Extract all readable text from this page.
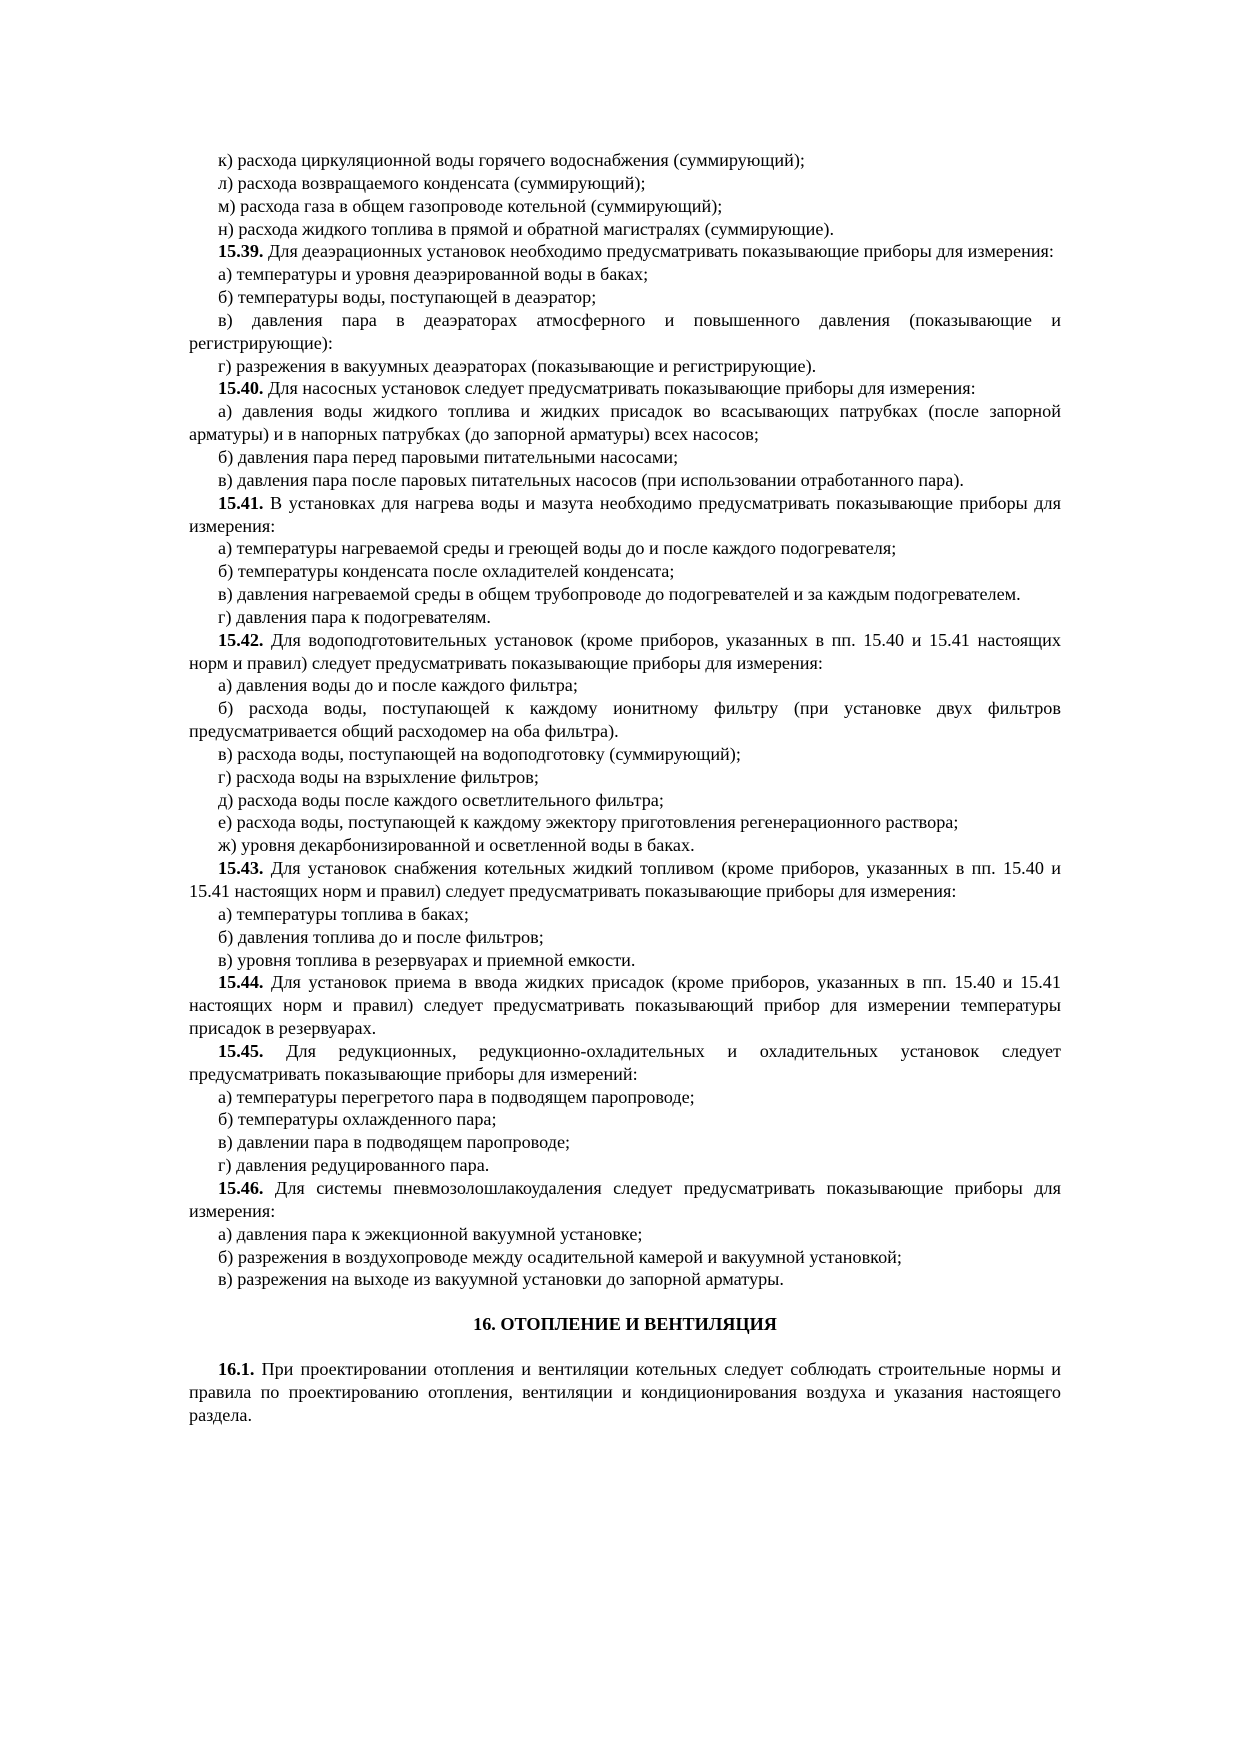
к) расхода циркуляционной воды горячего водоснабжения (суммирующий);

л) расхода возвращаемого конденсата (суммирующий);

м) расхода газа в общем газопроводе котельной (суммирующий);

н) расхода жидкого топлива в прямой и обратной магистралях (суммирующие).

15.39. Для деаэрационных установок необходимо предусматривать показывающие приборы для измерения:

а) температуры и уровня деаэрированной воды в баках;

б) температуры воды, поступающей в деаэратор;

в) давления пара в деаэраторах атмосферного и повышенного давления (показывающие и регистрирующие):

г) разрежения в вакуумных деаэраторах (показывающие и регистрирующие).

15.40. Для насосных установок следует предусматривать показывающие приборы для измерения:

а) давления воды жидкого топлива и жидких присадок во всасывающих патрубках (после запорной арматуры) и в напорных патрубках (до запорной арматуры) всех насосов;

б) давления пара перед паровыми питательными насосами;

в) давления пара после паровых питательных насосов (при использовании отработанного пара).

15.41. В установках для нагрева воды и мазута необходимо предусматривать показывающие приборы для измерения:

а) температуры нагреваемой среды и греющей воды до и после каждого подогревателя;

б) температуры конденсата после охладителей конденсата;

в) давления нагреваемой среды в общем трубопроводе до подогревателей и за каждым подогревателем.

г) давления пара к подогревателям.

15.42. Для водоподготовительных установок (кроме приборов, указанных в пп. 15.40 и 15.41 настоящих норм и правил) следует предусматривать показывающие приборы для измерения:

а) давления воды до и после каждого фильтра;

б) расхода воды, поступающей к каждому ионитному фильтру (при установке двух фильтров предусматривается общий расходомер на оба фильтра).

в) расхода воды, поступающей на водоподготовку (суммирующий);

г) расхода воды на взрыхление фильтров;

д) расхода воды после каждого осветлительного фильтра;

е) расхода воды, поступающей к каждому эжектору приготовления регенерационного раствора;

ж) уровня декарбонизированной и осветленной воды в баках.

15.43. Для установок снабжения котельных жидкий топливом (кроме приборов, указанных в пп. 15.40 и 15.41 настоящих норм и правил) следует предусматривать показывающие приборы для измерения:

а) температуры топлива в баках;

б) давления топлива до и после фильтров;

в) уровня топлива в резервуарах и приемной емкости.

15.44. Для установок приема в ввода жидких присадок (кроме приборов, указанных в пп. 15.40 и 15.41 настоящих норм и правил) следует предусматривать показывающий прибор для измерении температуры присадок в резервуарах.

15.45. Для редукционных, редукционно-охладительных и охладительных установок следует предусматривать показывающие приборы для измерений:

а) температуры перегретого пара в подводящем паропроводе;

б) температуры охлажденного пара;

в) давлении пара в подводящем паропроводе;

г) давления редуцированного пара.

15.46. Для системы пневмозолошлакоудаления следует предусматривать показывающие приборы для измерения:

а) давления пара к эжекционной вакуумной установке;

б) разрежения в воздухопроводе между осадительной камерой и вакуумной установкой;

в) разрежения на выходе из вакуумной установки до запорной арматуры.

16. ОТОПЛЕНИЕ И ВЕНТИЛЯЦИЯ

16.1. При проектировании отопления и вентиляции котельных следует соблюдать строительные нормы и правила по проектированию отопления, вентиляции и кондиционирования воздуха и указания настоящего раздела.
